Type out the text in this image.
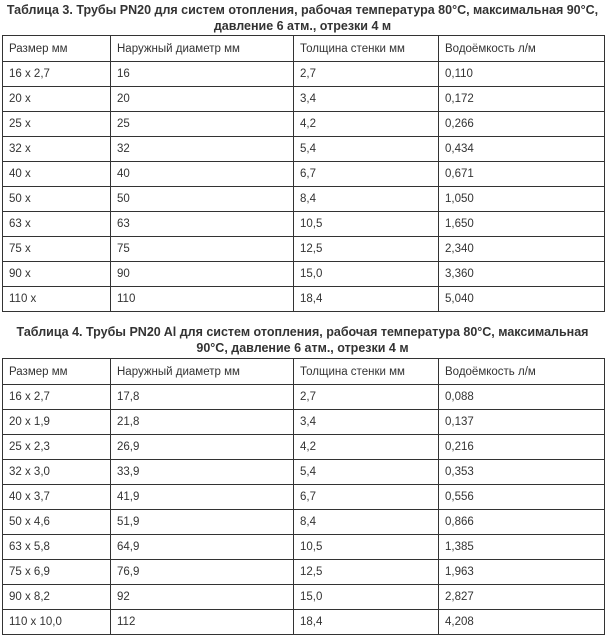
Таблица 3. Трубы PN20 для систем отопления, рабочая температура 80°С, максимальная 90°С, давление 6 атм., отрезки 4 м
Размер мм	Наружный диаметр мм	Толщина стенки мм	Водоёмкость л/м
16 х 2,7	16	2,7	0,110
20 х	20	3,4	0,172
25 х	25	4,2	0,266
32 х	32	5,4	0,434
40 х	40	6,7	0,671
50 х	50	8,4	1,050
63 х	63	10,5	1,650
75 х	75	12,5	2,340
90 х	90	15,0	3,360
110 х	110	18,4	5,040
Таблица 4. Трубы PN20 Al для систем отопления, рабочая температура 80°С, максимальная 90°С, давление 6 атм., отрезки 4 м
Размер мм	Наружный диаметр мм	Толщина стенки мм	Водоёмкость л/м
16 х 2,7	17,8	2,7	0,088
20 х 1,9	21,8	3,4	0,137
25 х 2,3	26,9	4,2	0,216
32 х 3,0	33,9	5,4	0,353
40 х 3,7	41,9	6,7	0,556
50 х 4,6	51,9	8,4	0,866
63 х 5,8	64,9	10,5	1,385
75 х 6,9	76,9	12,5	1,963
90 х 8,2	92	15,0	2,827
110 х 10,0	112	18,4	4,208
